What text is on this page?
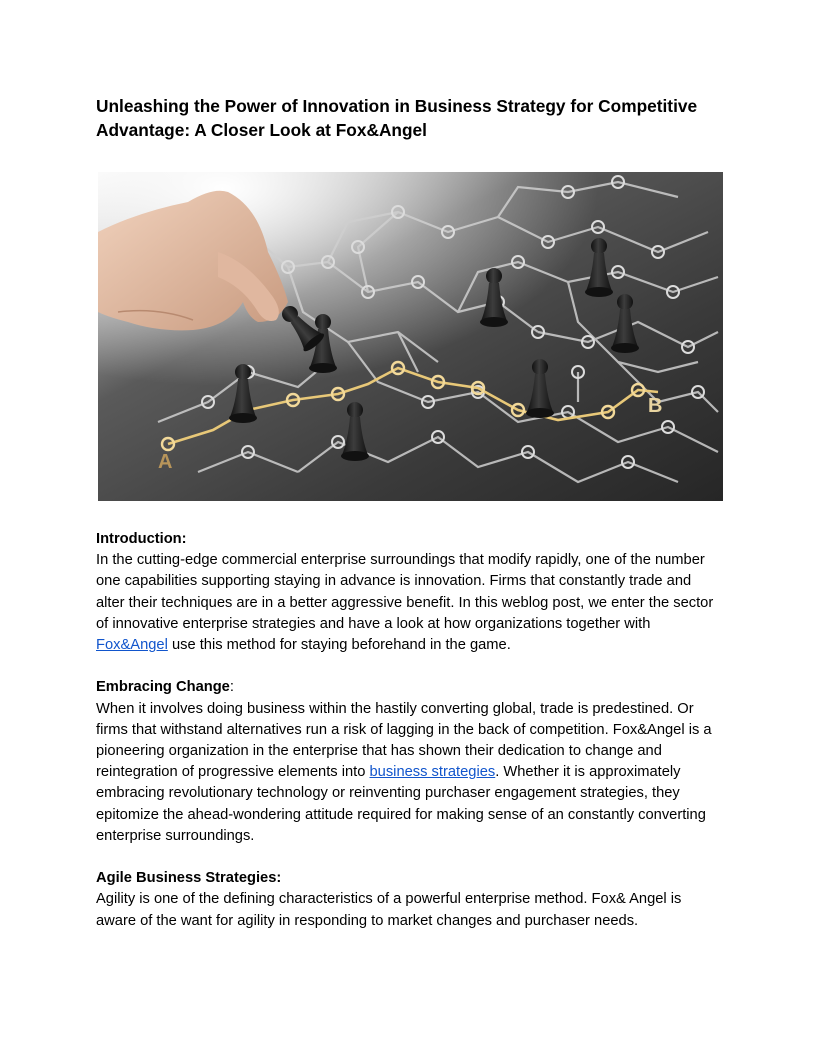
Unleashing the Power of Innovation in Business Strategy for Competitive Advantage: A Closer Look at Fox&Angel
A
B

Introduction:

In the cutting-edge commercial enterprise surroundings that modify rapidly, one of the number one capabilities supporting staying in advance is innovation. Firms that constantly trade and alter their techniques are in a better aggressive benefit. In this weblog post, we enter the sector of innovative enterprise strategies and have a look at how organizations together with Fox&Angel use this method for staying beforehand in the game.

Embracing Change:

When it involves doing business within the hastily converting global, trade is predestined. Or firms that withstand alternatives run a risk of lagging in the back of competition. Fox&Angel is a pioneering organization in the enterprise that has shown their dedication to change and reintegration of progressive elements into business strategies. Whether it is approximately embracing revolutionary technology or reinventing purchaser engagement strategies, they epitomize the ahead-wondering attitude required for making sense of an constantly converting enterprise surroundings.

Agile Business Strategies:

Agility is one of the defining characteristics of a powerful enterprise method. Fox& Angel is aware of the want for agility in responding to market changes and purchaser needs.
